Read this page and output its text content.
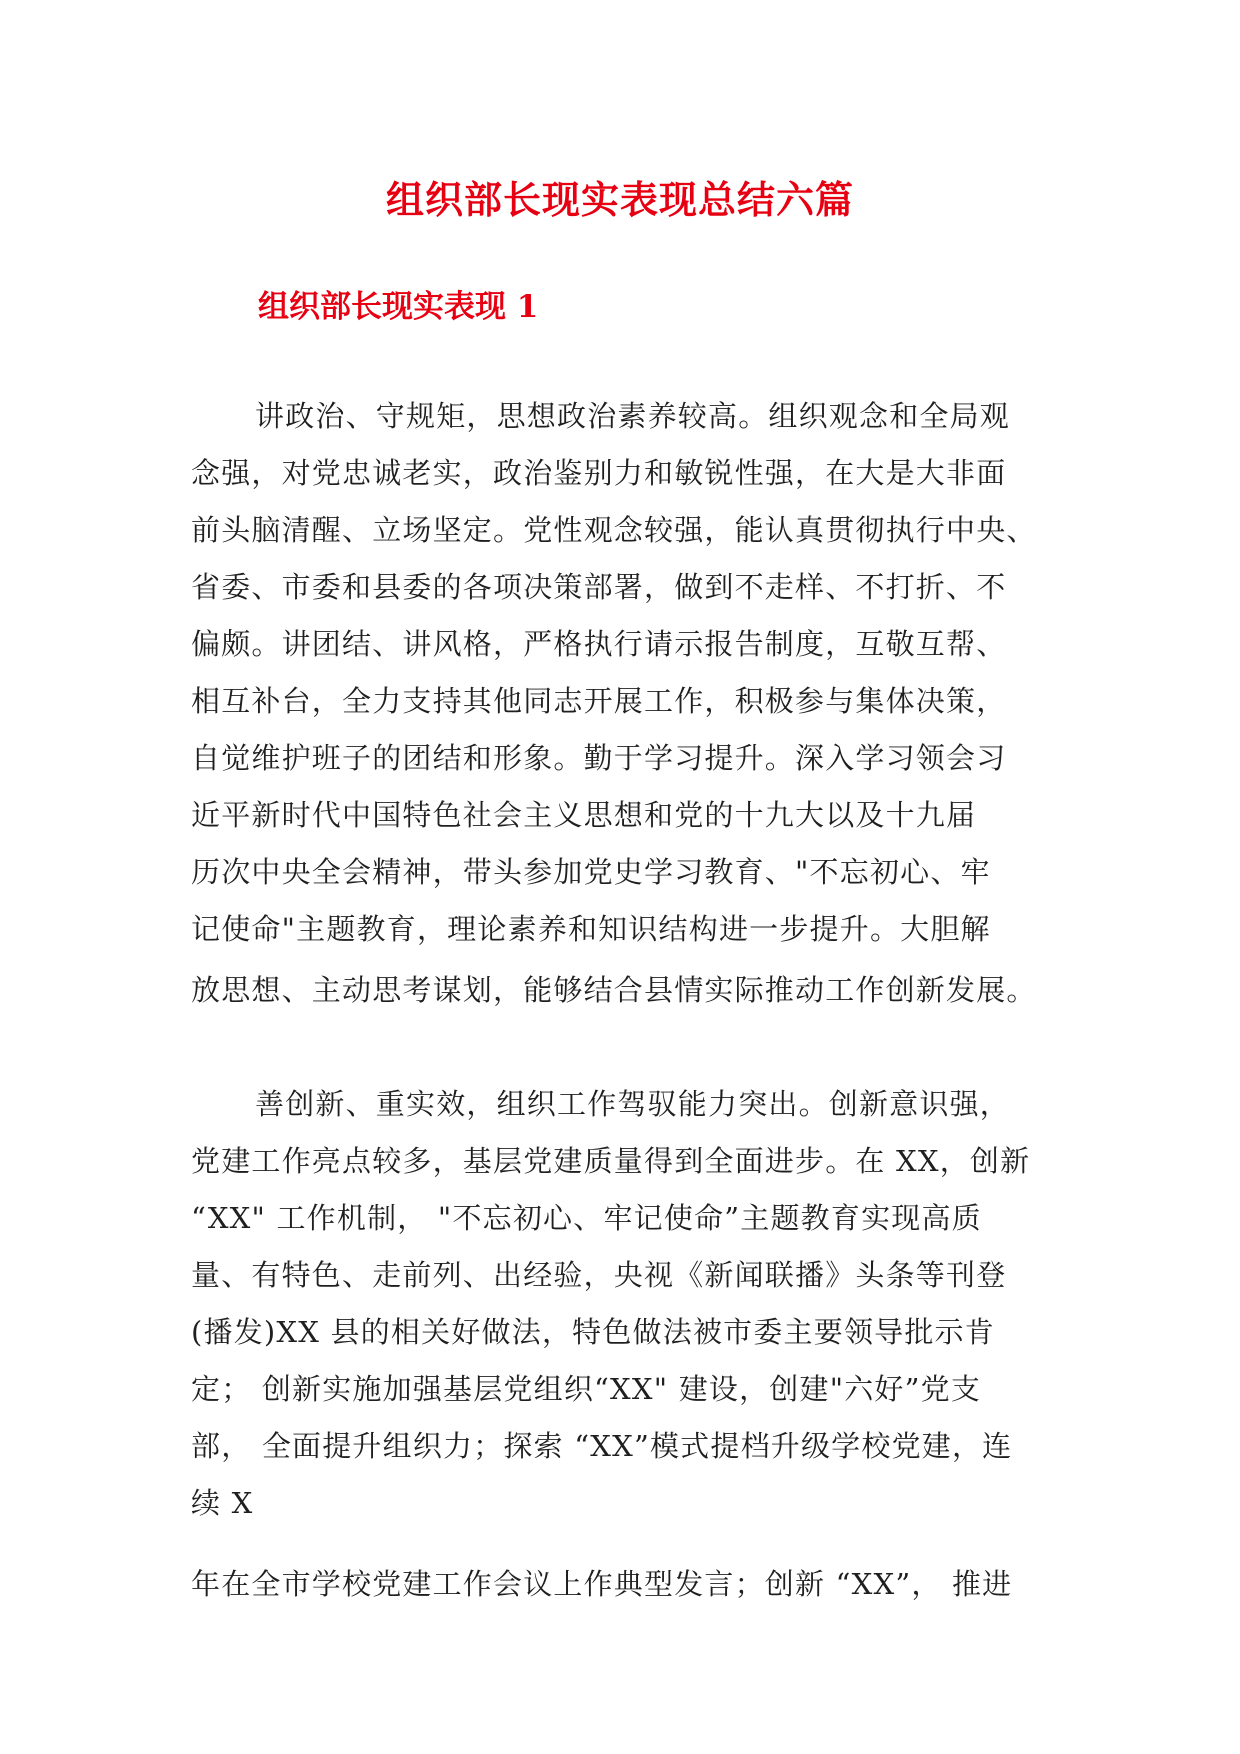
组织部长现实表现总结六篇
组织部长现实表现 1
讲政治、守规矩，思想政治素养较高。组织观念和全局观
念强，对党忠诚老实，政治鉴别力和敏锐性强，在大是大非面
前头脑清醒、立场坚定。党性观念较强，能认真贯彻执行中央、
省委、市委和县委的各项决策部署，做到不走样、不打折、不
偏颇。讲团结、讲风格，严格执行请示报告制度，互敬互帮、
相互补台，全力支持其他同志开展工作，积极参与集体决策，
自觉维护班子的团结和形象。勤于学习提升。深入学习领会习
近平新时代中国特色社会主义思想和党的十九大以及十九届
历次中央全会精神，带头参加党史学习教育、"不忘初心、牢
记使命"主题教育，理论素养和知识结构进一步提升。大胆解
放思想、主动思考谋划，能够结合县情实际推动工作创新发展。
善创新、重实效，组织工作驾驭能力突出。创新意识强，
党建工作亮点较多，基层党建质量得到全面进步。在 XX，创新
“XX" 工作机制， "不忘初心、牢记使命”主题教育实现高质
量、有特色、走前列、出经验，央视《新闻联播》头条等刊登
(播发)XX 县的相关好做法，特色做法被市委主要领导批示肯
定； 创新实施加强基层党组织“XX" 建设，创建"六好”党支
部， 全面提升组织力；探索 “XX”模式提档升级学校党建，连
续 X
年在全市学校党建工作会议上作典型发言；创新 “XX”， 推进
